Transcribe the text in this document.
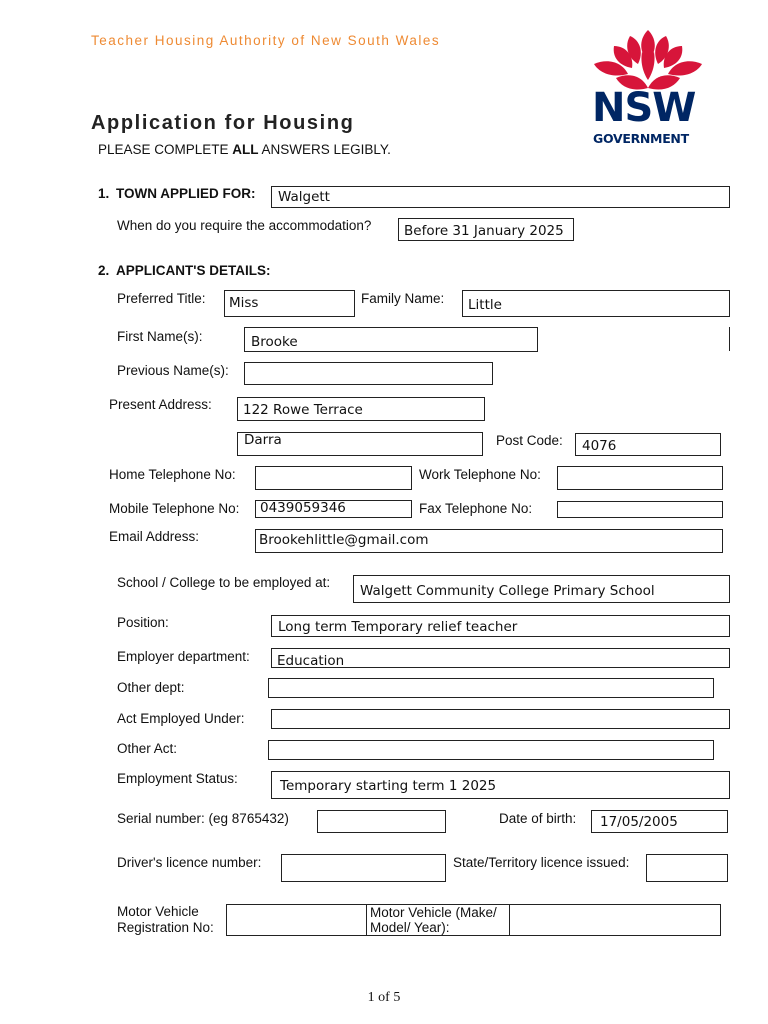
Teacher Housing Authority of New South Wales
Application for Housing
PLEASE COMPLETE ALL ANSWERS LEGIBLY.
NSW
GOVERNMENT
1. TOWN APPLIED FOR:	Walgett
When do you require the accommodation?	Before 31 January 2025
2. APPLICANT'S DETAILS:
Preferred Title:	Miss	Family Name:	Little
First Name(s):	Brooke
Previous Name(s):
Present Address:	122 Rowe Terrace
Darra	Post Code:	4076
Home Telephone No:	Work Telephone No:
Mobile Telephone No:	0439059346	Fax Telephone No:
Email Address:	Brookehlittle@gmail.com
School / College to be employed at:
Walgett Community College Primary School
Position:	Long term Temporary relief teacher
Employer department:	Education
Other dept:
Act Employed Under:
Other Act:
Employment Status:	Temporary starting term 1 2025
Serial number: (eg 8765432)	Date of birth:	17/05/2005
Driver's licence number:	State/Territory licence issued:
Motor Vehicle
Registration No:
Motor Vehicle (Make/
Model/ Year):
1 of 5
